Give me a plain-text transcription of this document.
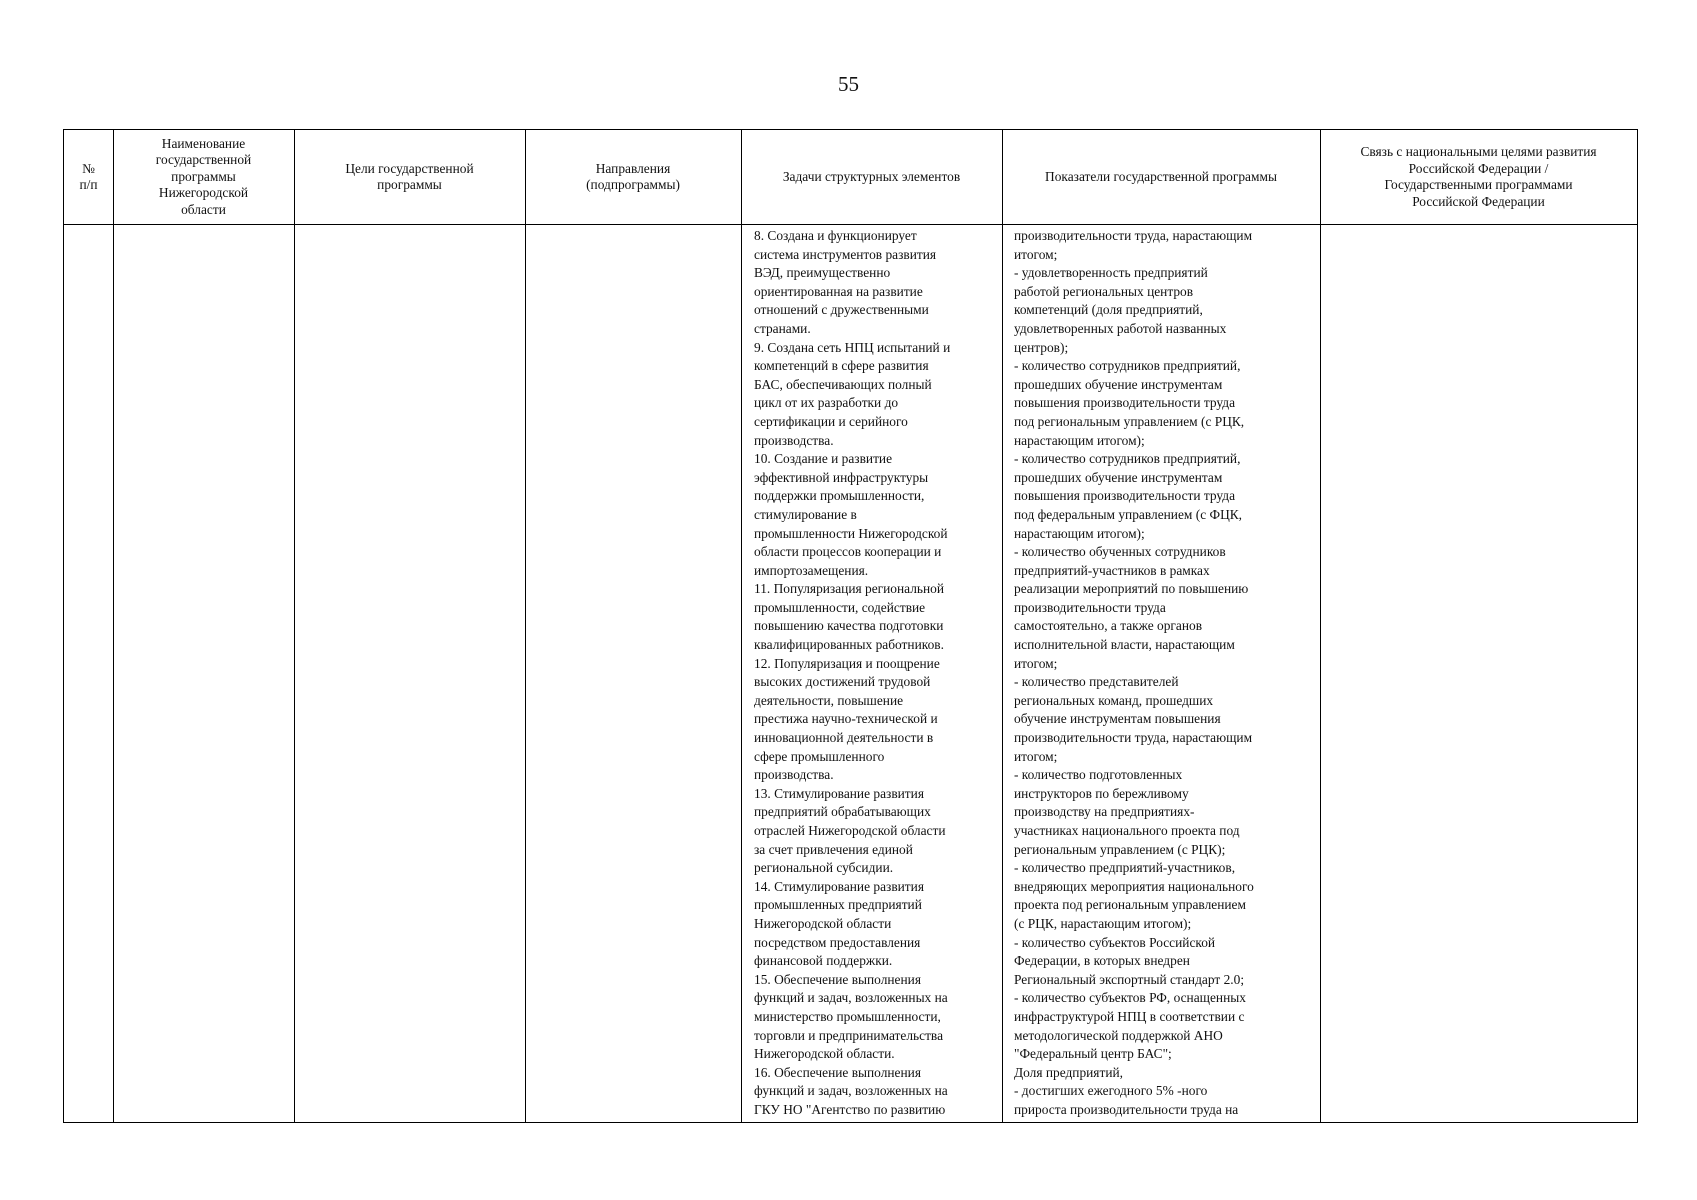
55
№
п/п
Наименование
государственной
программы
Нижегородской
области
Цели государственной
программы
Направления
(подпрограммы)
Задачи структурных элементов	Показатели государственной программы
Связь с национальными целями развития
Российской Федерации /
Государственными программами
Российской Федерации
8. Создана и функционирует
система инструментов развития
ВЭД, преимущественно
ориентированная на развитие
отношений с дружественными
странами.
9. Создана сеть НПЦ испытаний и
компетенций в сфере развития
БАС, обеспечивающих полный
цикл от их разработки до
сертификации и серийного
производства.
10. Создание и развитие
эффективной инфраструктуры
поддержки промышленности,
стимулирование в
промышленности Нижегородской
области процессов кооперации и
импортозамещения.
11. Популяризация региональной
промышленности, содействие
повышению качества подготовки
квалифицированных работников.
12. Популяризация и поощрение
высоких достижений трудовой
деятельности, повышение
престижа научно-технической и
инновационной деятельности в
сфере промышленного
производства.
13. Стимулирование развития
предприятий обрабатывающих
отраслей Нижегородской области
за счет привлечения единой
региональной субсидии.
14. Стимулирование развития
промышленных предприятий
Нижегородской области
посредством предоставления
финансовой поддержки.
15. Обеспечение выполнения
функций и задач, возложенных на
министерство промышленности,
торговли и предпринимательства
Нижегородской области.
16. Обеспечение выполнения
функций и задач, возложенных на
ГКУ НО "Агентство по развитию
производительности труда, нарастающим
итогом;
- удовлетворенность предприятий
работой региональных центров
компетенций (доля предприятий,
удовлетворенных работой названных
центров);
- количество сотрудников предприятий,
прошедших обучение инструментам
повышения производительности труда
под региональным управлением (с РЦК,
нарастающим итогом);
- количество сотрудников предприятий,
прошедших обучение инструментам
повышения производительности труда
под федеральным управлением (с ФЦК,
нарастающим итогом);
- количество обученных сотрудников
предприятий-участников в рамках
реализации мероприятий по повышению
производительности труда
самостоятельно, а также органов
исполнительной власти, нарастающим
итогом;
- количество представителей
региональных команд, прошедших
обучение инструментам повышения
производительности труда, нарастающим
итогом;
- количество подготовленных
инструкторов по бережливому
производству на предприятиях-
участниках национального проекта под
региональным управлением (с РЦК);
- количество предприятий-участников,
внедряющих мероприятия национального
проекта под региональным управлением
(с РЦК, нарастающим итогом);
- количество субъектов Российской
Федерации, в которых внедрен
Региональный экспортный стандарт 2.0;
- количество субъектов РФ, оснащенных
инфраструктурой НПЦ в соответствии с
методологической поддержкой АНО
"Федеральный центр БАС";
Доля предприятий,
- достигших ежегодного 5% -ного
прироста производительности труда на
